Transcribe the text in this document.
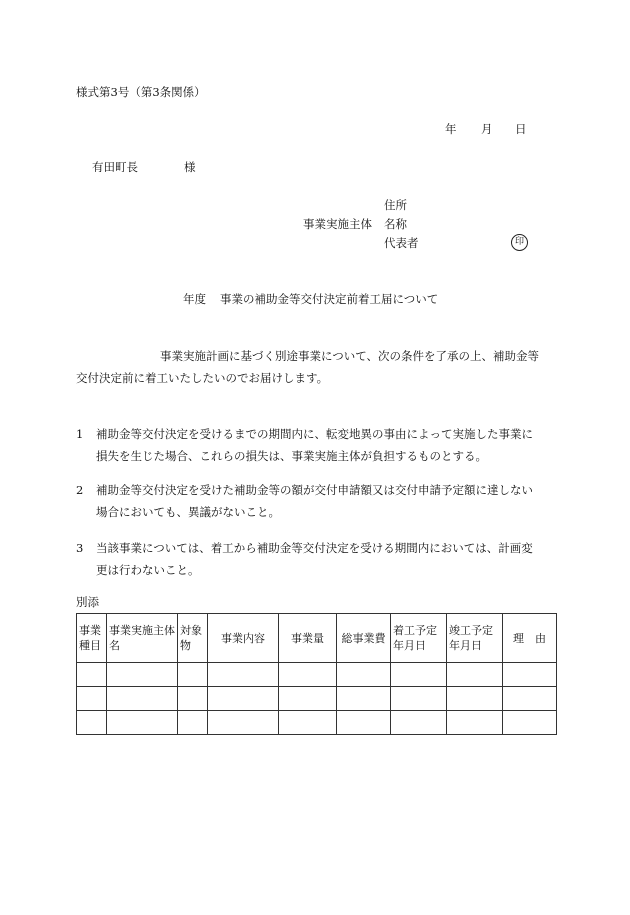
様式第3号（第3条関係）
年 月 日
有田町長	様
住所
事業実施主体 名称
代表者	印
年度 事業の補助金等交付決定前着工届について
事業実施計画に基づく別途事業について、次の条件を了承の上、補助金等
交付決定前に着工いたしたいのでお届けします。
1 補助金等交付決定を受けるまでの期間内に、転変地異の事由によって実施した事業に
損失を生じた場合、これらの損失は、事業実施主体が負担するものとする。
2 補助金等交付決定を受けた補助金等の額が交付申請額又は交付申請予定額に達しない
場合においても、異議がないこと。
3 当該事業については、着工から補助金等交付決定を受ける期間内においては、計画変
更は行わないこと。
別添
事業種目	事業実施主体名	対象物	事業内容	事業量	総事業費	着工予定年月日	竣工予定年月日	理　由
